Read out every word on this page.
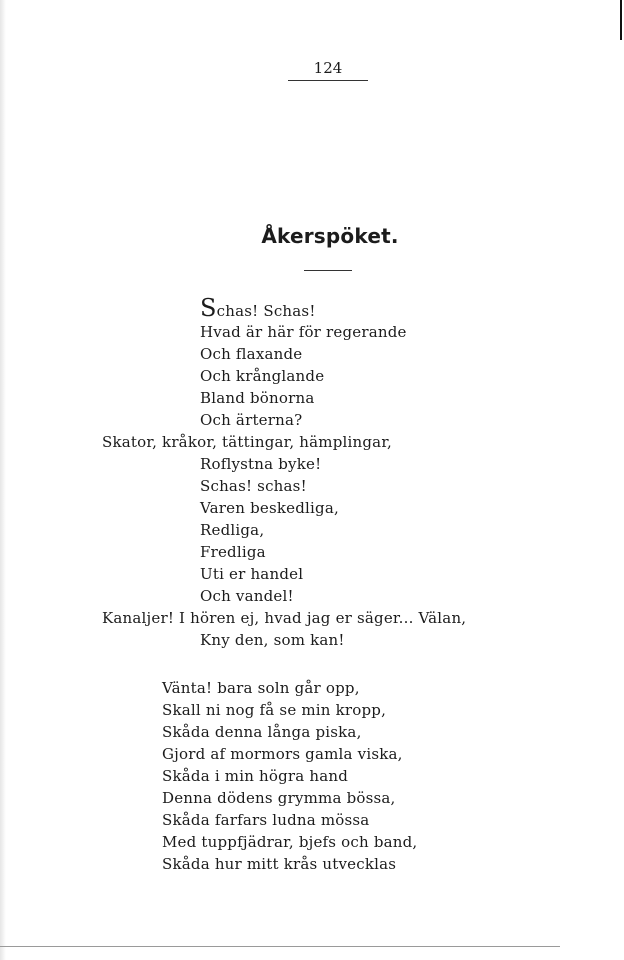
124
Åkerspöket.
Schas! Schas!
Hvad är här för regerande
Och flaxande
Och krånglande
Bland bönorna
Och ärterna?
Skator, kråkor, tättingar, hämplingar,
Roflystna byke!
Schas! schas!
Varen beskedliga,
Redliga,
Fredliga
Uti er handel
Och vandel!
Kanaljer! I hören ej, hvad jag er säger... Välan,
Kny den, som kan!
Vänta! bara soln går opp,
Skall ni nog få se min kropp,
Skåda denna långa piska,
Gjord af mormors gamla viska,
Skåda i min högra hand
Denna dödens grymma bössa,
Skåda farfars ludna mössa
Med tuppfjädrar, bjefs och band,
Skåda hur mitt krås utvecklas
